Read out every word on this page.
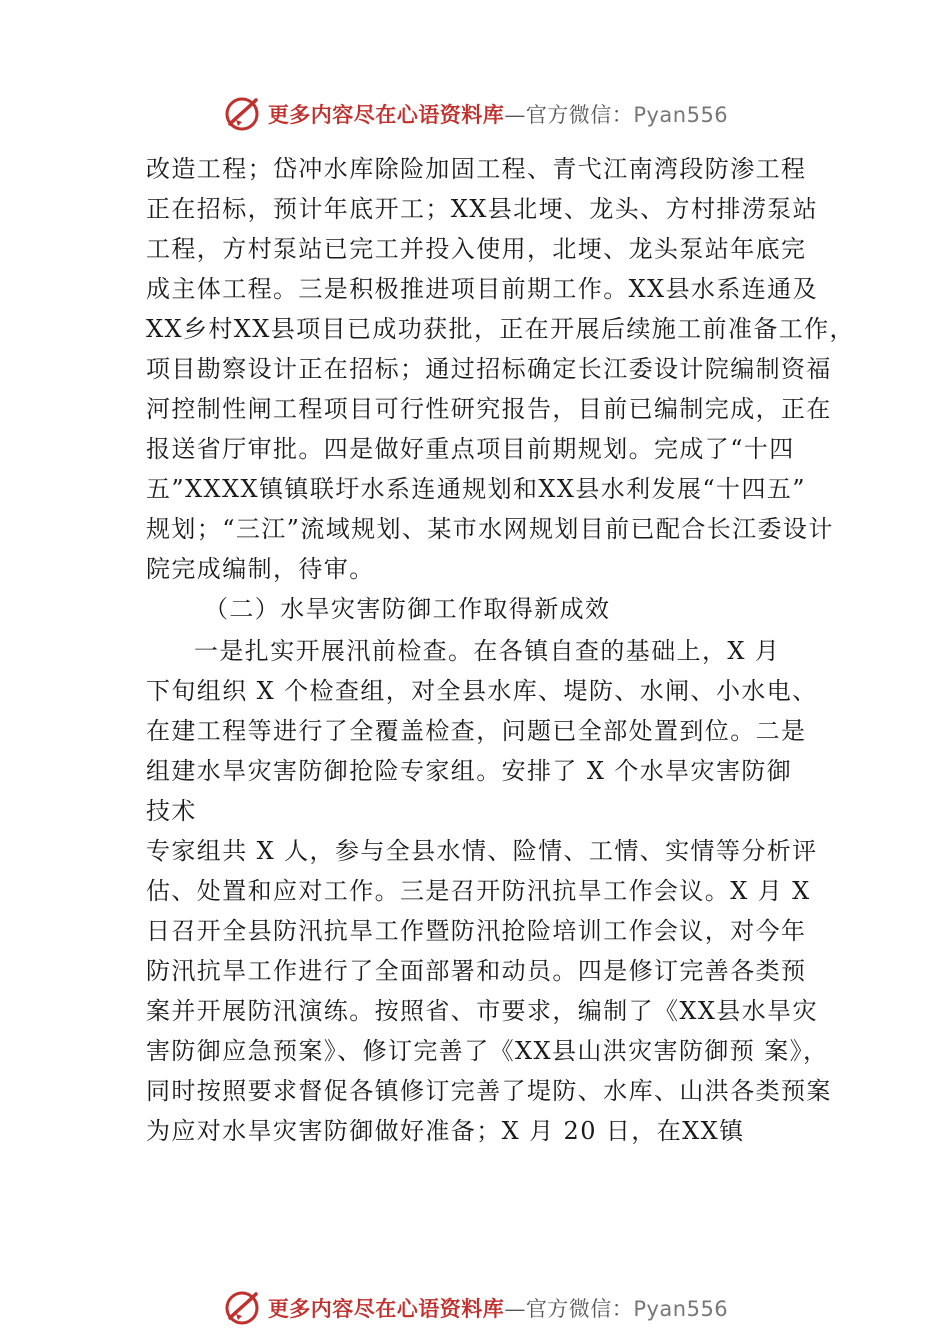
更多内容尽在心语资料库—官方微信：Pyan556
改造工程；岱冲水库除险加固工程、青弋江南湾段防渗工程
正在招标，预计年底开工；XX县北埂、龙头、方村排涝泵站
工程，方村泵站已完工并投入使用，北埂、龙头泵站年底完
成主体工程。三是积极推进项目前期工作。XX县水系连通及
XX乡村XX县项目已成功获批，正在开展后续施工前准备工作，
项目勘察设计正在招标；通过招标确定长江委设计院编制资福
河控制性闸工程项目可行性研究报告，目前已编制完成，正在
报送省厅审批。四是做好重点项目前期规划。完成了“十四
五”XXXX镇镇联圩水系连通规划和XX县水利发展“十四五”
规划；“三江”流域规划、某市水网规划目前已配合长江委设计
院完成编制，待审。
（二）水旱灾害防御工作取得新成效
一是扎实开展汛前检查。在各镇自查的基础上，X 月
下旬组织 X 个检查组，对全县水库、堤防、水闸、小水电、
在建工程等进行了全覆盖检查，问题已全部处置到位。二是
组建水旱灾害防御抢险专家组。安排了 X 个水旱灾害防御
技术
专家组共 X 人，参与全县水情、险情、工情、实情等分析评
估、处置和应对工作。三是召开防汛抗旱工作会议。X 月 X
日召开全县防汛抗旱工作暨防汛抢险培训工作会议，对今年
防汛抗旱工作进行了全面部署和动员。四是修订完善各类预
案并开展防汛演练。按照省、市要求，编制了《XX县水旱灾
害防御应急预案》、修订完善了《XX县山洪灾害防御预 案》，
同时按照要求督促各镇修订完善了堤防、水库、山洪各类预案
为应对水旱灾害防御做好准备；X 月 20 日，在XX镇
更多内容尽在心语资料库—官方微信：Pyan556
